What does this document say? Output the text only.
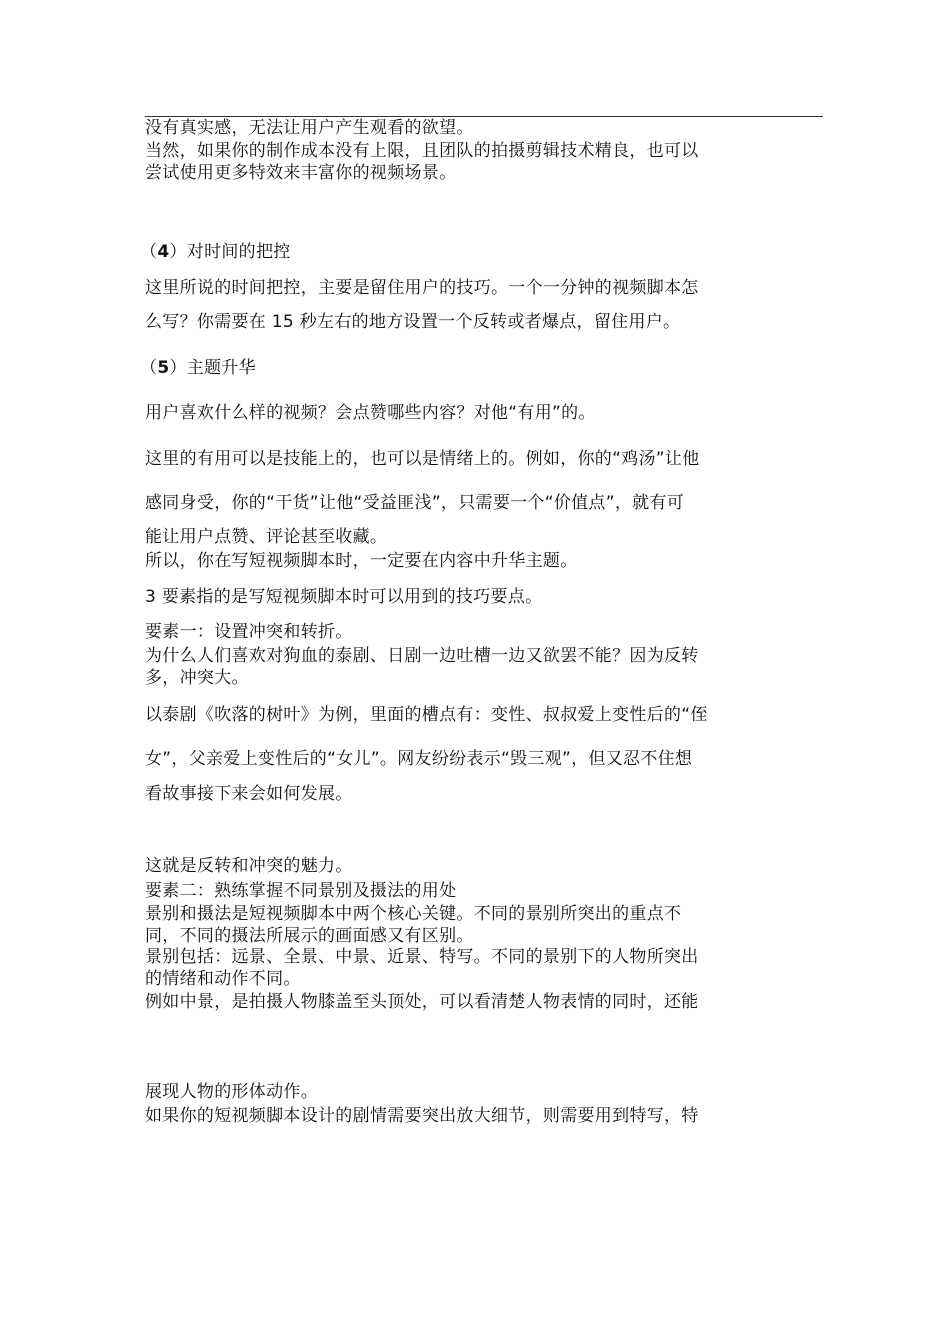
没有真实感，无法让用户产生观看的欲望。
当然，如果你的制作成本没有上限，且团队的拍摄剪辑技术精良，也可以
尝试使用更多特效来丰富你的视频场景。
（4）对时间的把控
这里所说的时间把控，主要是留住用户的技巧。一个一分钟的视频脚本怎
么写？你需要在 15 秒左右的地方设置一个反转或者爆点，留住用户。
（5）主题升华
用户喜欢什么样的视频？会点赞哪些内容？对他“有用”的。
这里的有用可以是技能上的，也可以是情绪上的。例如，你的“鸡汤”让他
感同身受，你的“干货”让他“受益匪浅”，只需要一个“价值点”，就有可
能让用户点赞、评论甚至收藏。
所以，你在写短视频脚本时，一定要在内容中升华主题。
3 要素指的是写短视频脚本时可以用到的技巧要点。
要素一：设置冲突和转折。
为什么人们喜欢对狗血的泰剧、日剧一边吐槽一边又欲罢不能？因为反转
多，冲突大。
以泰剧《吹落的树叶》为例，里面的槽点有：变性、叔叔爱上变性后的“侄
女”，父亲爱上变性后的“女儿”。网友纷纷表示“毁三观”，但又忍不住想
看故事接下来会如何发展。
这就是反转和冲突的魅力。
要素二：熟练掌握不同景别及摄法的用处
景别和摄法是短视频脚本中两个核心关键。不同的景别所突出的重点不
同，不同的摄法所展示的画面感又有区别。
景别包括：远景、全景、中景、近景、特写。不同的景别下的人物所突出
的情绪和动作不同。
例如中景，是拍摄人物膝盖至头顶处，可以看清楚人物表情的同时，还能
展现人物的形体动作。
如果你的短视频脚本设计的剧情需要突出放大细节，则需要用到特写，特
